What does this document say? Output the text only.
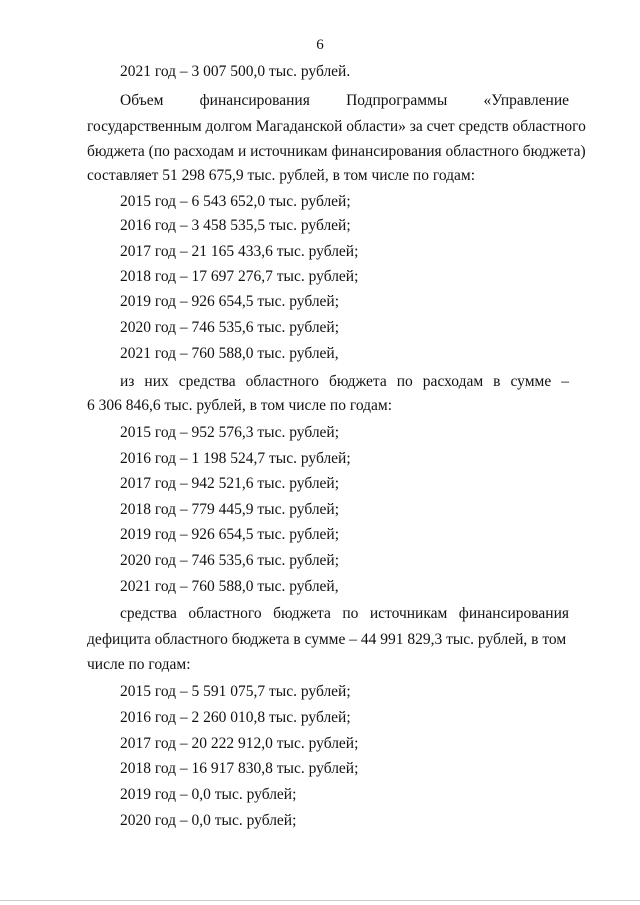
6
2021 год – 3 007 500,0 тыс. рублей.
Объем финансирования Подпрограммы «Управление
государственным долгом Магаданской области» за счет средств областного
бюджета (по расходам и источникам финансирования областного бюджета)
составляет 51 298 675,9 тыс. рублей, в том числе по годам:
2015 год – 6 543 652,0 тыс. рублей;
2016 год – 3 458 535,5 тыс. рублей;
2017 год – 21 165 433,6 тыс. рублей;
2018 год – 17 697 276,7 тыс. рублей;
2019 год – 926 654,5 тыс. рублей;
2020 год – 746 535,6 тыс. рублей;
2021 год – 760 588,0 тыс. рублей,
из них средства областного бюджета по расходам в сумме –
6 306 846,6 тыс. рублей, в том числе по годам:
2015 год – 952 576,3 тыс. рублей;
2016 год – 1 198 524,7 тыс. рублей;
2017 год – 942 521,6 тыс. рублей;
2018 год – 779 445,9 тыс. рублей;
2019 год – 926 654,5 тыс. рублей;
2020 год – 746 535,6 тыс. рублей;
2021 год – 760 588,0 тыс. рублей,
средства областного бюджета по источникам финансирования
дефицита областного бюджета в сумме – 44 991 829,3 тыс. рублей, в том
числе по годам:
2015 год – 5 591 075,7 тыс. рублей;
2016 год – 2 260 010,8 тыс. рублей;
2017 год – 20 222 912,0 тыс. рублей;
2018 год – 16 917 830,8 тыс. рублей;
2019 год – 0,0 тыс. рублей;
2020 год – 0,0 тыс. рублей;
